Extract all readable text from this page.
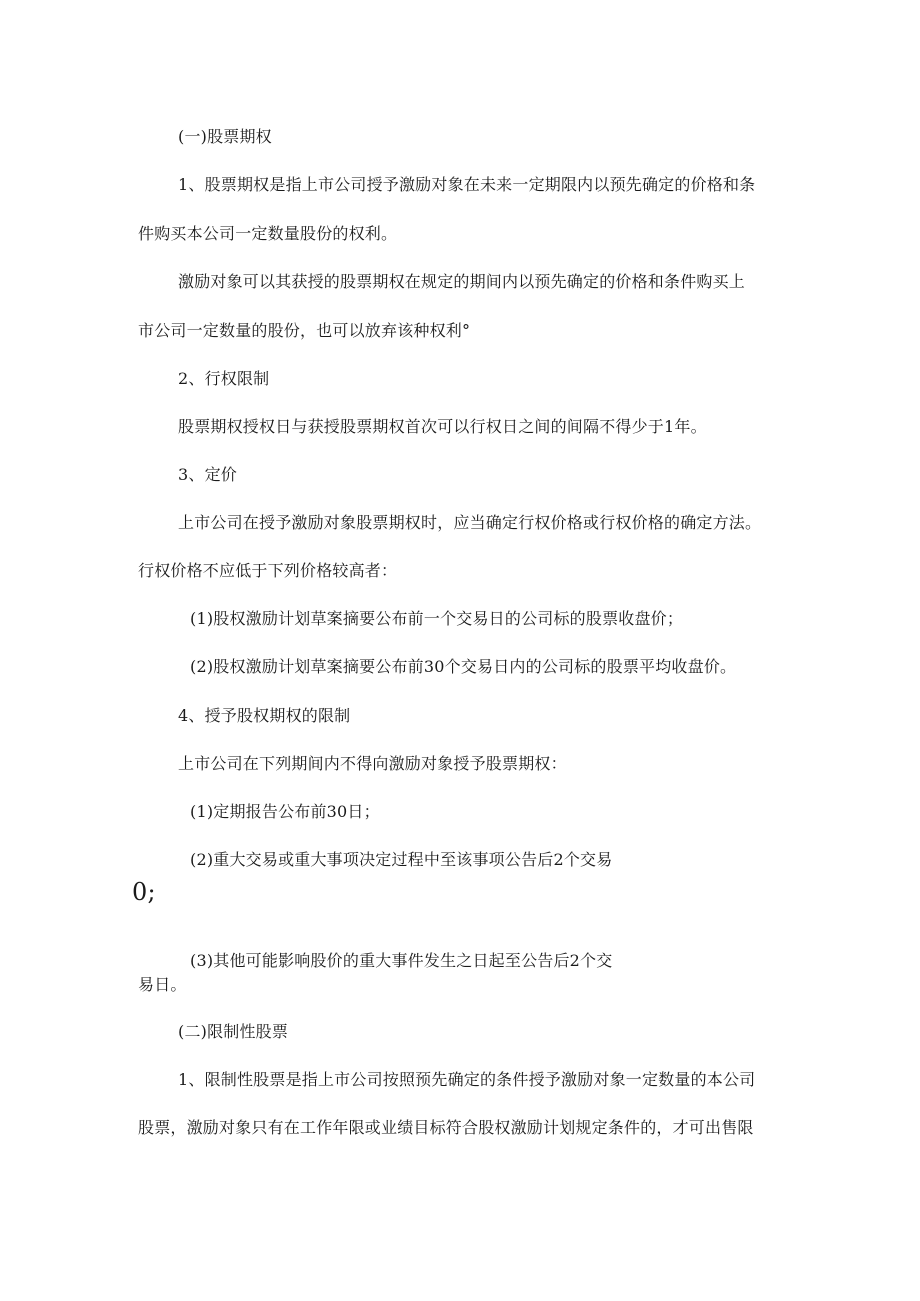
(一)股票期权
1、股票期权是指上市公司授予激励对象在未来一定期限内以预先确定的价格和条
件购买本公司一定数量股份的权利。
激励对象可以其获授的股票期权在规定的期间内以预先确定的价格和条件购买上
市公司一定数量的股份，也可以放弃该种权利°
2、行权限制
股票期权授权日与获授股票期权首次可以行权日之间的间隔不得少于1年。
3、定价
上市公司在授予激励对象股票期权时，应当确定行权价格或行权价格的确定方法。
行权价格不应低于下列价格较高者：
(1)股权激励计划草案摘要公布前一个交易日的公司标的股票收盘价；
(2)股权激励计划草案摘要公布前30个交易日内的公司标的股票平均收盘价。
4、授予股权期权的限制
上市公司在下列期间内不得向激励对象授予股票期权：
(1)定期报告公布前30日；
(2)重大交易或重大事项决定过程中至该事项公告后2个交易
0;
(3)其他可能影响股价的重大事件发生之日起至公告后2个交
易日。
(二)限制性股票
1、限制性股票是指上市公司按照预先确定的条件授予激励对象一定数量的本公司
股票，激励对象只有在工作年限或业绩目标符合股权激励计划规定条件的，才可出售限
